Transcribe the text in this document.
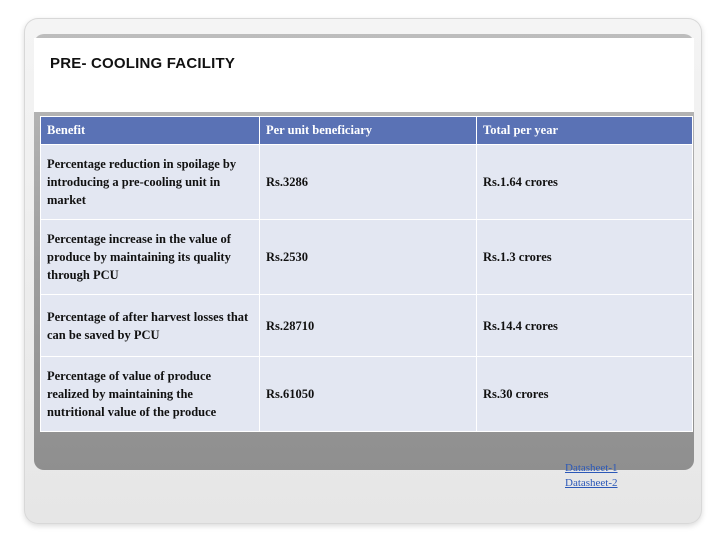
PRE- COOLING FACILITY
Benefit	Per unit beneficiary	Total per year
Percentage reduction in spoilage by introducing a pre-cooling unit in market	Rs.3286	Rs.1.64 crores
Percentage increase in the value of produce by maintaining its quality through PCU	Rs.2530	Rs.1.3 crores
Percentage of after harvest losses that can be saved by PCU	Rs.28710	Rs.14.4 crores
Percentage of value of produce realized by maintaining the nutritional value of the produce	Rs.61050	Rs.30 crores
Datasheet-1
Datasheet-2
